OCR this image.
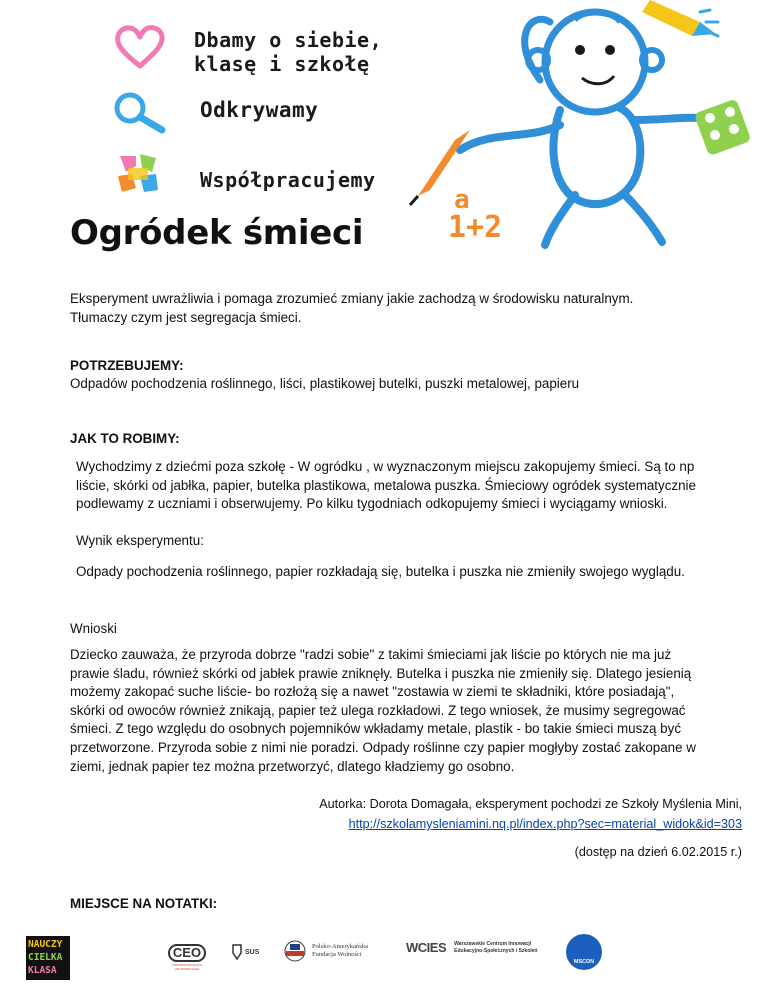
Dbamy o siebie,
klasę i szkołę
Odkrywamy
Współpracujemy
a
1+2
Ogródek śmieci
Eksperyment uwrażliwia i pomaga zrozumieć zmiany jakie zachodzą w środowisku naturalnym.
Tłumaczy czym jest segregacja śmieci.
POTRZEBUJEMY:
Odpadów pochodzenia roślinnego, liści, plastikowej butelki, puszki metalowej, papieru
JAK TO ROBIMY:
Wychodzimy z dziećmi poza szkołę - W ogródku , w wyznaczonym miejscu zakopujemy śmieci. Są to np liście, skórki od jabłka, papier, butelka plastikowa, metalowa puszka. Śmieciowy ogródek systematycznie podlewamy z uczniami i obserwujemy. Po kilku tygodniach odkopujemy śmieci i wyciągamy wnioski.
Wynik eksperymentu:
Odpady pochodzenia roślinnego, papier rozkładają się, butelka i puszka nie zmieniły swojego wyglądu.
Wnioski
Dziecko zauważa, że przyroda dobrze "radzi sobie" z takimi śmieciami jak liście po których nie ma już prawie śladu, również skórki od jabłek prawie zniknęły. Butelka i puszka nie zmieniły się. Dlatego jesienią możemy zakopać suche liście- bo rozłożą się a nawet "zostawia w ziemi te składniki, które posiadają", skórki od owoców również znikają, papier też ulega rozkładowi. Z tego wniosek, że musimy segregować śmieci. Z tego względu do osobnych pojemników wkładamy metale, plastik - bo takie śmieci muszą być przetworzone. Przyroda sobie z nimi nie poradzi. Odpady roślinne czy papier mogłyby zostać zakopane w ziemi, jednak papier tez można przetworzyć, dlatego kładziemy go osobno.
Autorka: Dorota Domagała, eksperyment pochodzi ze Szkoły Myślenia Mini,
http://szkolamysleniamini.nq.pl/index.php?sec=material_widok&id=303
(dostęp na dzień 6.02.2015 r.)
MIEJSCE NA NOTATKI:
NAUCZY
CIELKA
KLASA
CEO
CENTRUM EDUKACJI OBYWATELSKIEJ
SUS
Polsko-Amerykańska
Fundacja Wolności	WCIES Warszawskie Centrum Innowacji
Edukacyjno-Społecznych i Szkoleń
MSCDN
